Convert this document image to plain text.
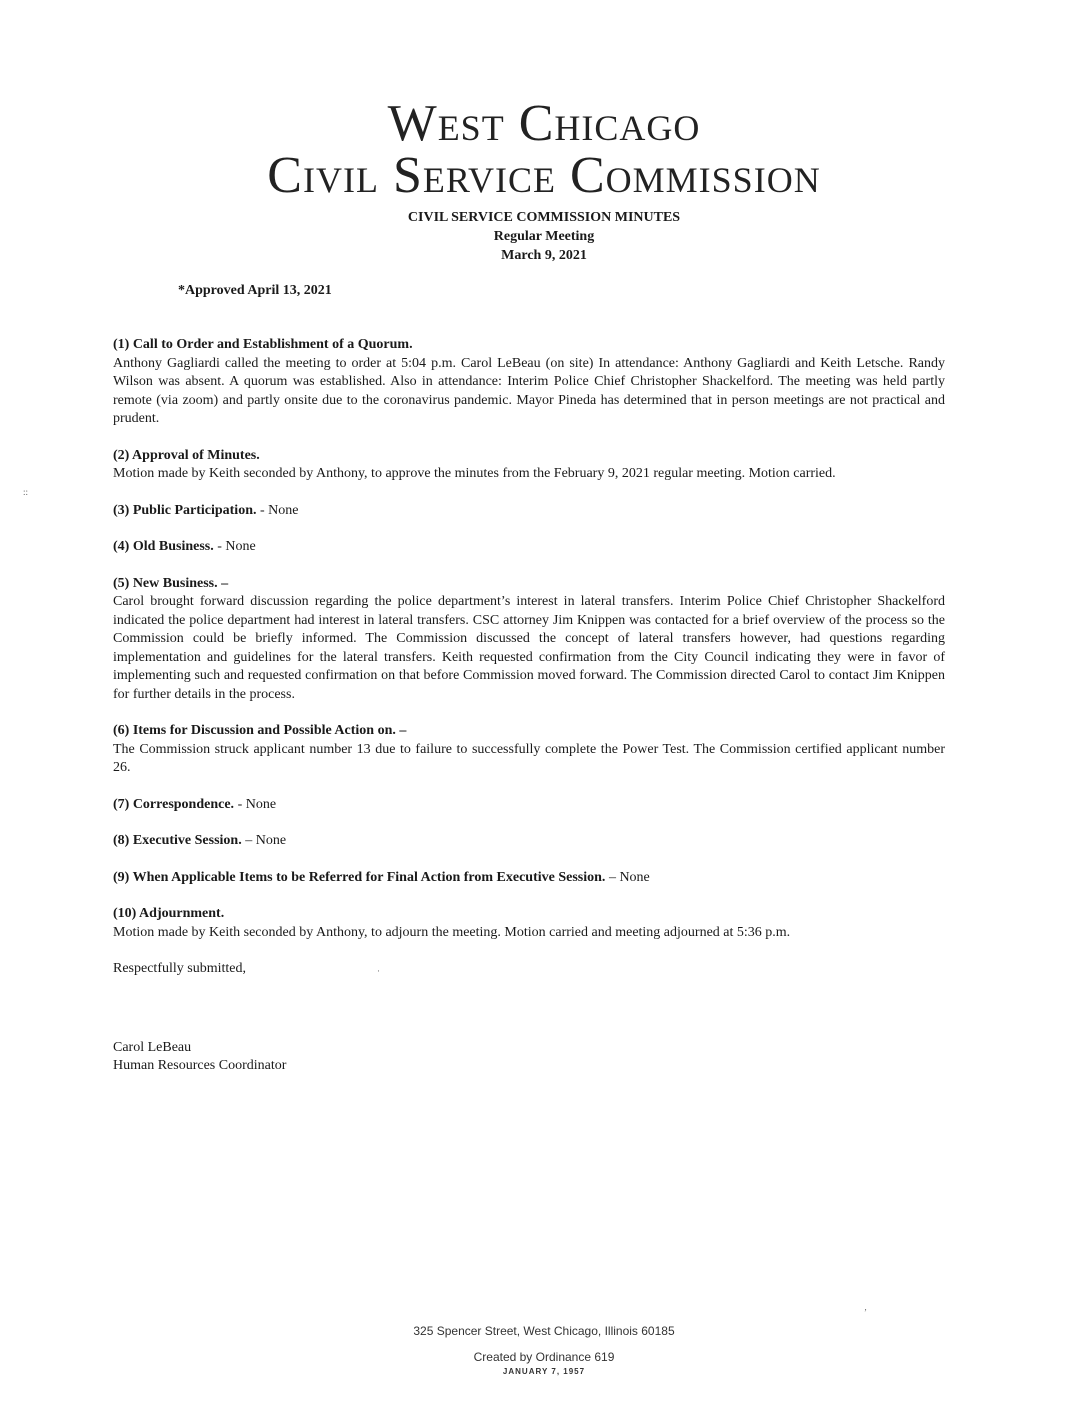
West Chicago
Civil Service Commission
CIVIL SERVICE COMMISSION MINUTES
Regular Meeting
March 9, 2021
*Approved April 13, 2021
::
(1) Call to Order and Establishment of a Quorum.
Anthony Gagliardi called the meeting to order at 5:04 p.m. Carol LeBeau (on site) In attendance: Anthony Gagliardi and Keith Letsche. Randy Wilson was absent. A quorum was established. Also in attendance: Interim Police Chief Christopher Shackelford. The meeting was held partly remote (via zoom) and partly onsite due to the coronavirus pandemic. Mayor Pineda has determined that in person meetings are not practical and prudent.
(2) Approval of Minutes.
Motion made by Keith seconded by Anthony, to approve the minutes from the February 9, 2021 regular meeting. Motion carried.
(3) Public Participation. - None
(4) Old Business. - None
(5) New Business. –
Carol brought forward discussion regarding the police department’s interest in lateral transfers. Interim Police Chief Christopher Shackelford indicated the police department had interest in lateral transfers. CSC attorney Jim Knippen was contacted for a brief overview of the process so the Commission could be briefly informed. The Commission discussed the concept of lateral transfers however, had questions regarding implementation and guidelines for the lateral transfers. Keith requested confirmation from the City Council indicating they were in favor of implementing such and requested confirmation on that before Commission moved forward. The Commission directed Carol to contact Jim Knippen for further details in the process.
(6) Items for Discussion and Possible Action on. –
The Commission struck applicant number 13 due to failure to successfully complete the Power Test. The Commission certified applicant number 26.
(7) Correspondence. - None
(8) Executive Session. – None
(9) When Applicable Items to be Referred for Final Action from Executive Session. – None
(10) Adjournment.
Motion made by Keith seconded by Anthony, to adjourn the meeting. Motion carried and meeting adjourned at 5:36 p.m.
Respectfully submitted,
Carol LeBeau
Human Resources Coordinator
·
‚
325 Spencer Street, West Chicago, Illinois 60185
Created by Ordinance 619
JANUARY 7, 1957
